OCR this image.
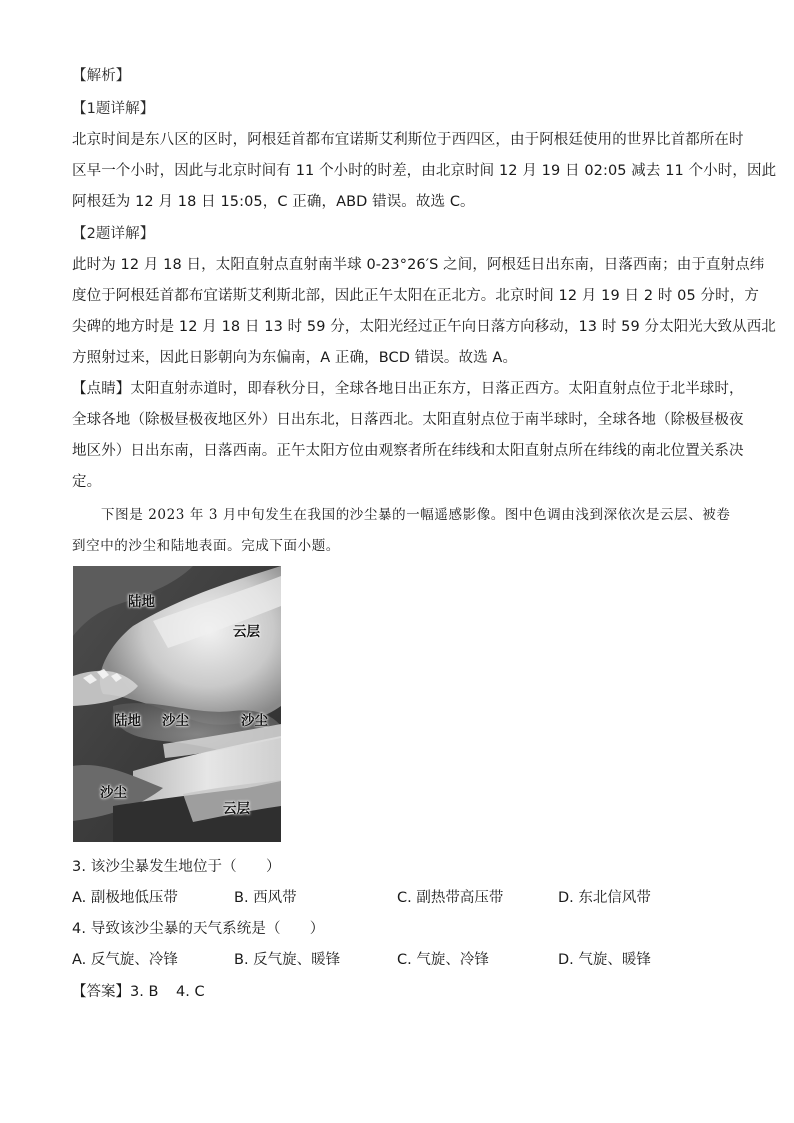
【解析】
【1题详解】
北京时间是东八区的区时，阿根廷首都布宜诺斯艾利斯位于西四区，由于阿根廷使用的世界比首都所在时
区早一个小时，因此与北京时间有 11 个小时的时差，由北京时间 12 月 19 日 02:05 减去 11 个小时，因此
阿根廷为 12 月 18 日 15:05，C 正确，ABD 错误。故选 C。
【2题详解】
此时为 12 月 18 日，太阳直射点直射南半球 0-23°26′S 之间，阿根廷日出东南，日落西南；由于直射点纬
度位于阿根廷首都布宜诺斯艾利斯北部，因此正午太阳在正北方。北京时间 12 月 19 日 2 时 05 分时，方
尖碑的地方时是 12 月 18 日 13 时 59 分，太阳光经过正午向日落方向移动，13 时 59 分太阳光大致从西北
方照射过来，因此日影朝向为东偏南，A 正确，BCD 错误。故选 A。
【点睛】太阳直射赤道时，即春秋分日，全球各地日出正东方，日落正西方。太阳直射点位于北半球时，
全球各地（除极昼极夜地区外）日出东北，日落西北。太阳直射点位于南半球时，全球各地（除极昼极夜
地区外）日出东南，日落西南。正午太阳方位由观察者所在纬线和太阳直射点所在纬线的南北位置关系决
定。
下图是 2023 年 3 月中旬发生在我国的沙尘暴的一幅遥感影像。图中色调由浅到深依次是云层、被卷
到空中的沙尘和陆地表面。完成下面小题。
陆地
云层
陆地 沙尘	沙尘
沙尘
云层
3. 该沙尘暴发生地位于（　　）
A. 副极地低压带	B. 西风带	C. 副热带高压带	D. 东北信风带
4. 导致该沙尘暴的天气系统是（　　）
A. 反气旋、冷锋	B. 反气旋、暖锋	C. 气旋、冷锋	D. 气旋、暖锋
【答案】 3. B 4. C
